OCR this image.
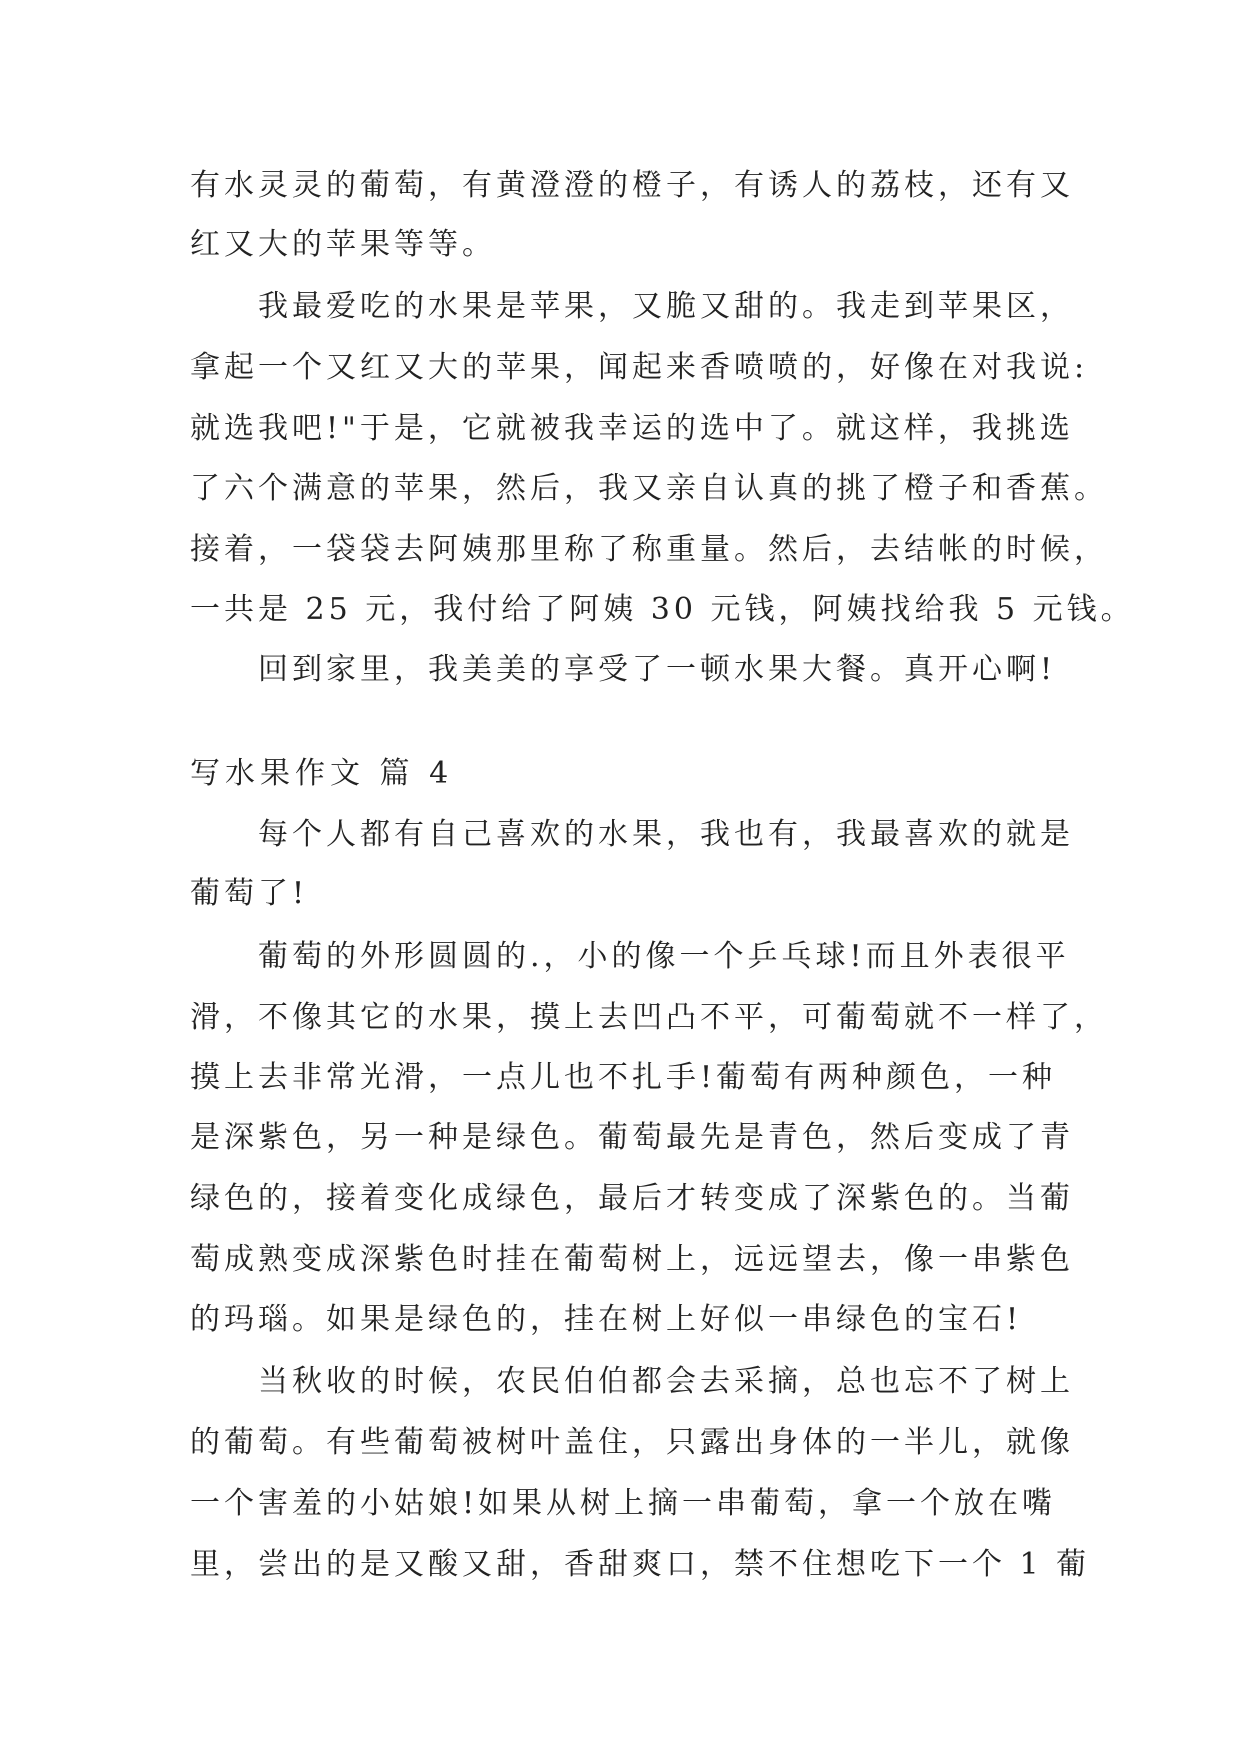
有水灵灵的葡萄，有黄澄澄的橙子，有诱人的荔枝，还有又
红又大的苹果等等。
我最爱吃的水果是苹果，又脆又甜的。我走到苹果区，
拿起一个又红又大的苹果，闻起来香喷喷的，好像在对我说:
就选我吧!"于是，它就被我幸运的选中了。就这样，我挑选
了六个满意的苹果，然后，我又亲自认真的挑了橙子和香蕉。
接着，一袋袋去阿姨那里称了称重量。然后，去结帐的时候，
一共是 25 元，我付给了阿姨 30 元钱，阿姨找给我 5 元钱。
回到家里，我美美的享受了一顿水果大餐。真开心啊!
写水果作文 篇 4
每个人都有自己喜欢的水果，我也有，我最喜欢的就是
葡萄了!
葡萄的外形圆圆的.，小的像一个乒乓球!而且外表很平
滑，不像其它的水果，摸上去凹凸不平，可葡萄就不一样了，
摸上去非常光滑，一点儿也不扎手!葡萄有两种颜色，一种
是深紫色，另一种是绿色。葡萄最先是青色，然后变成了青
绿色的，接着变化成绿色，最后才转变成了深紫色的。当葡
萄成熟变成深紫色时挂在葡萄树上，远远望去，像一串紫色
的玛瑙。如果是绿色的，挂在树上好似一串绿色的宝石!
当秋收的时候，农民伯伯都会去采摘，总也忘不了树上
的葡萄。有些葡萄被树叶盖住，只露出身体的一半儿，就像
一个害羞的小姑娘!如果从树上摘一串葡萄，拿一个放在嘴
里，尝出的是又酸又甜，香甜爽口，禁不住想吃下一个 1 葡
